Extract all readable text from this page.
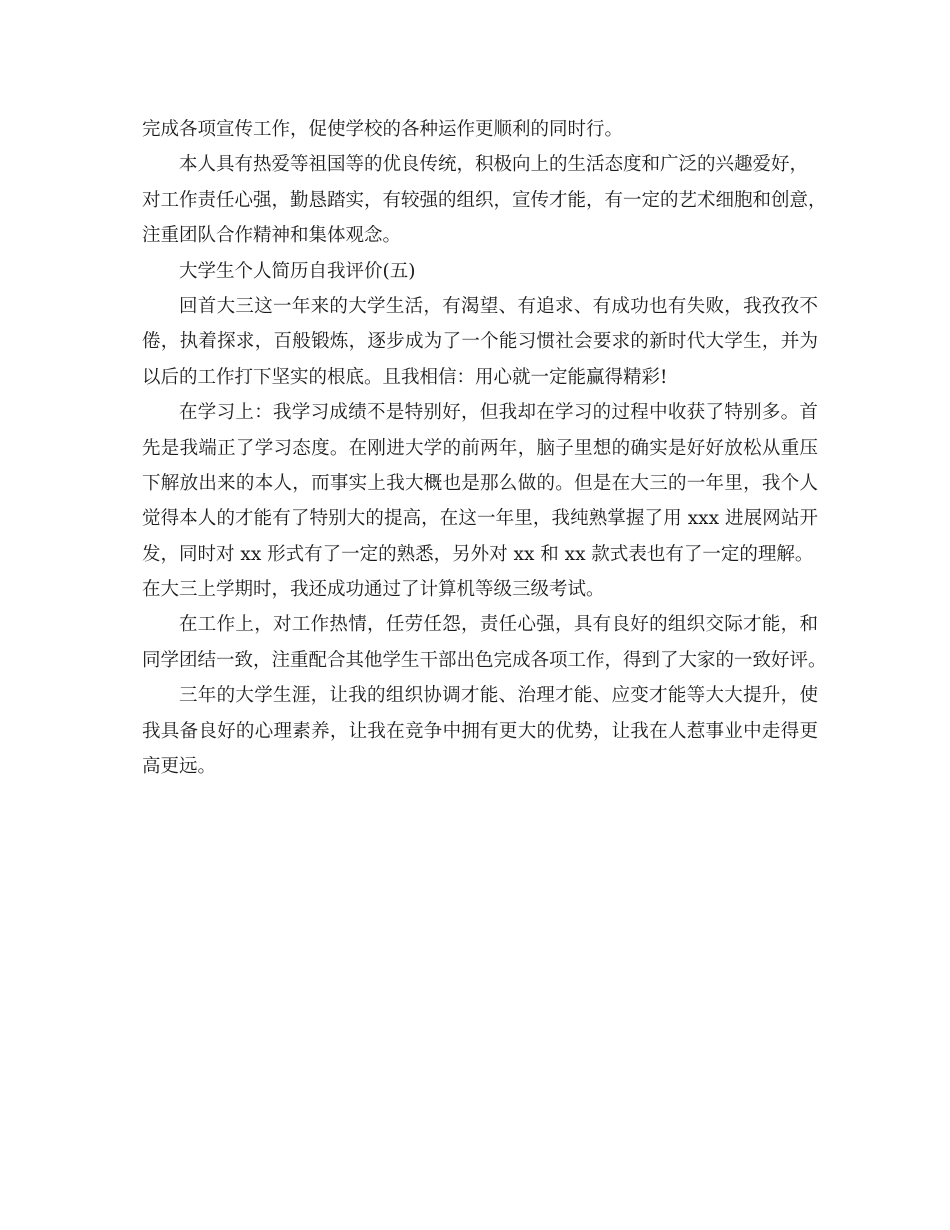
完成各项宣传工作，促使学校的各种运作更顺利的同时行。
本人具有热爱等祖国等的优良传统，积极向上的生活态度和广泛的兴趣爱好，
对工作责任心强，勤恳踏实，有较强的组织，宣传才能，有一定的艺术细胞和创意，
注重团队合作精神和集体观念。
大学生个人简历自我评价(五)
回首大三这一年来的大学生活，有渴望、有追求、有成功也有失败，我孜孜不
倦，执着探求，百般锻炼，逐步成为了一个能习惯社会要求的新时代大学生，并为
以后的工作打下坚实的根底。且我相信：用心就一定能赢得精彩!
在学习上：我学习成绩不是特别好，但我却在学习的过程中收获了特别多。首
先是我端正了学习态度。在刚进大学的前两年，脑子里想的确实是好好放松从重压
下解放出来的本人，而事实上我大概也是那么做的。但是在大三的一年里，我个人
觉得本人的才能有了特别大的提高，在这一年里，我纯熟掌握了用 xxx 进展网站开
发，同时对 xx 形式有了一定的熟悉，另外对 xx 和 xx 款式表也有了一定的理解。
在大三上学期时，我还成功通过了计算机等级三级考试。
在工作上，对工作热情，任劳任怨，责任心强，具有良好的组织交际才能，和
同学团结一致，注重配合其他学生干部出色完成各项工作，得到了大家的一致好评。
三年的大学生涯，让我的组织协调才能、治理才能、应变才能等大大提升，使
我具备良好的心理素养，让我在竞争中拥有更大的优势，让我在人惹事业中走得更
高更远。
